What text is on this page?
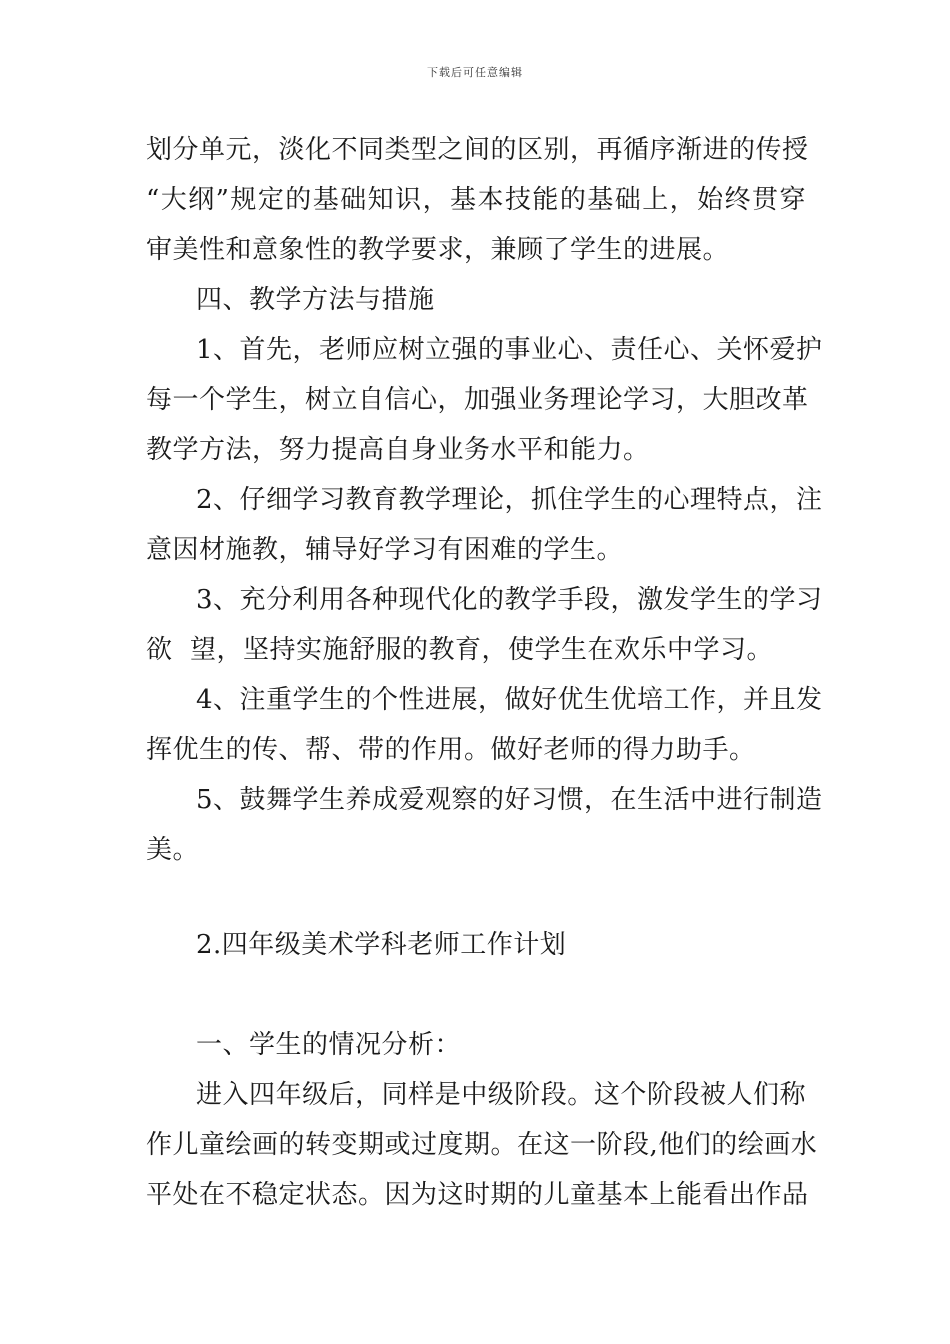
下载后可任意编辑
划分单元，淡化不同类型之间的区别，再循序渐进的传授
“大纲”规定的基础知识，基本技能的基础上，始终贯穿
审美性和意象性的教学要求，兼顾了学生的进展。
四、教学方法与措施
1、首先，老师应树立强的事业心、责任心、关怀爱护
每一个学生，树立自信心，加强业务理论学习，大胆改革
教学方法，努力提高自身业务水平和能力。
2、仔细学习教育教学理论，抓住学生的心理特点，注
意因材施教，辅导好学习有困难的学生。
3、充分利用各种现代化的教学手段，激发学生的学习
欲  望，坚持实施舒服的教育，使学生在欢乐中学习。
4、注重学生的个性进展，做好优生优培工作，并且发
挥优生的传、帮、带的作用。做好老师的得力助手。
5、鼓舞学生养成爱观察的好习惯，在生活中进行制造
美。
2.四年级美术学科老师工作计划
一、学生的情况分析：
进入四年级后，同样是中级阶段。这个阶段被人们称
作儿童绘画的转变期或过度期。在这一阶段,他们的绘画水
平处在不稳定状态。因为这时期的儿童基本上能看出作品
